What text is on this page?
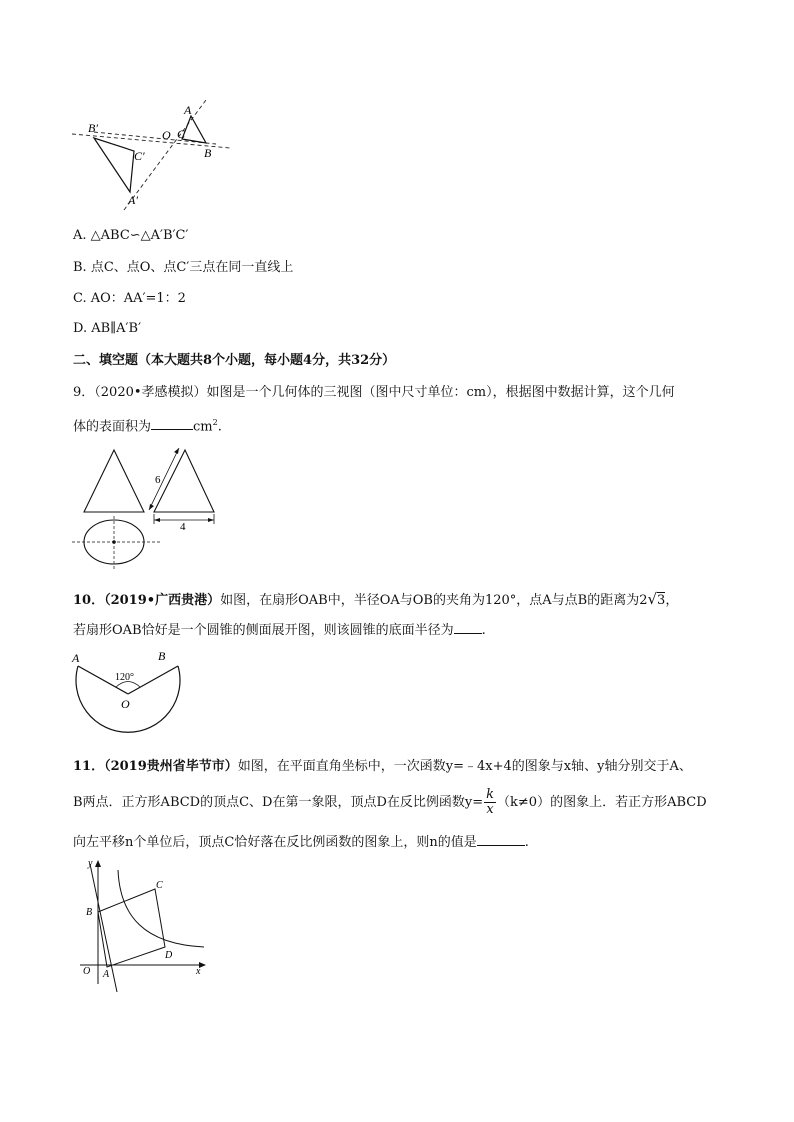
A
C
O
B
B′
C′
A′
A. △ABC∽△A′B′C′
B. 点C、点O、点C′三点在同一直线上
C. AO：AA′=1：2
D. AB∥A′B′
二、填空题（本大题共8个小题，每小题4分，共32分）
9．（2020•孝感模拟）如图是一个几何体的三视图（图中尺寸单位：cm），根据图中数据计算，这个几何
体的表面积为	$cm^2$.
6
4
10．（2019•广西贵港）如图，在扇形OAB中，半径OA与OB的夹角为120°，点A与点B的距离为2√3，
若扇形OAB恰好是一个圆锥的侧面展开图，则该圆锥的底面半径为 .
A	B
O
120°
11．（2019贵州省毕节市）如图，在平面直角坐标中，一次函数y=﹣4x+4的图象与x轴、y轴分别交于A、
B两点．正方形ABCD的顶点C、D在第一象限，顶点D在反比例函数$y= \frac{k}{x} (k\ne 0)$的图象上．若正方形ABCD
向左平移n个单位后，顶点C恰好落在反比例函数的图象上，则n的值是	.
y
x
O A
B
C
D
